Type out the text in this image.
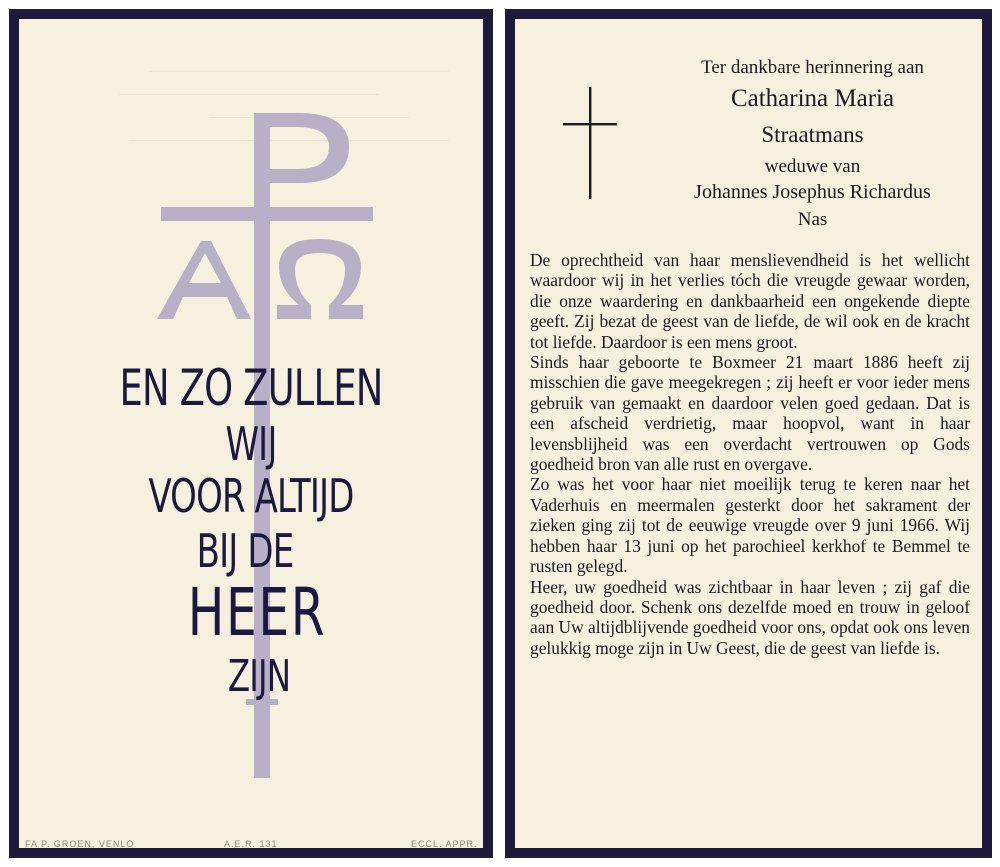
EN ZO ZULLEN
WIJ
VOOR ALTIJD
BIJ DE
HEER
ZIJN
FA P. GROEN, VENLO	A.E.R. 131	ECCL. APPR.
Ter dankbare herinnering aan
Catharina Maria
Straatmans
weduwe van
Johannes Josephus Richardus
Nas

De oprechtheid van haar menslievendheid is het wellicht waardoor wij in het verlies tóch die vreugde gewaar worden, die onze waardering en dankbaarheid een ongekende diepte geeft. Zij bezat de geest van de liefde, de wil ook en de kracht tot liefde. Daardoor is een mens groot.

Sinds haar geboorte te Boxmeer 21 maart 1886 heeft zij misschien die gave meegekregen ; zij heeft er voor ieder mens gebruik van gemaakt en daardoor velen goed gedaan. Dat is een afscheid verdrietig, maar hoopvol, want in haar levensblijheid was een overdacht vertrouwen op Gods goedheid bron van alle rust en overgave.

Zo was het voor haar niet moeilijk terug te keren naar het Vaderhuis en meermalen gesterkt door het sakrament der zieken ging zij tot de eeuwige vreugde over 9 juni 1966. Wij hebben haar 13 juni op het parochieel kerkhof te Bemmel te rusten gelegd.

Heer, uw goedheid was zichtbaar in haar leven ; zij gaf die goedheid door. Schenk ons dezelfde moed en trouw in geloof aan Uw altijdblijvende goedheid voor ons, opdat ook ons leven gelukkig moge zijn in Uw Geest, die de geest van liefde is.
